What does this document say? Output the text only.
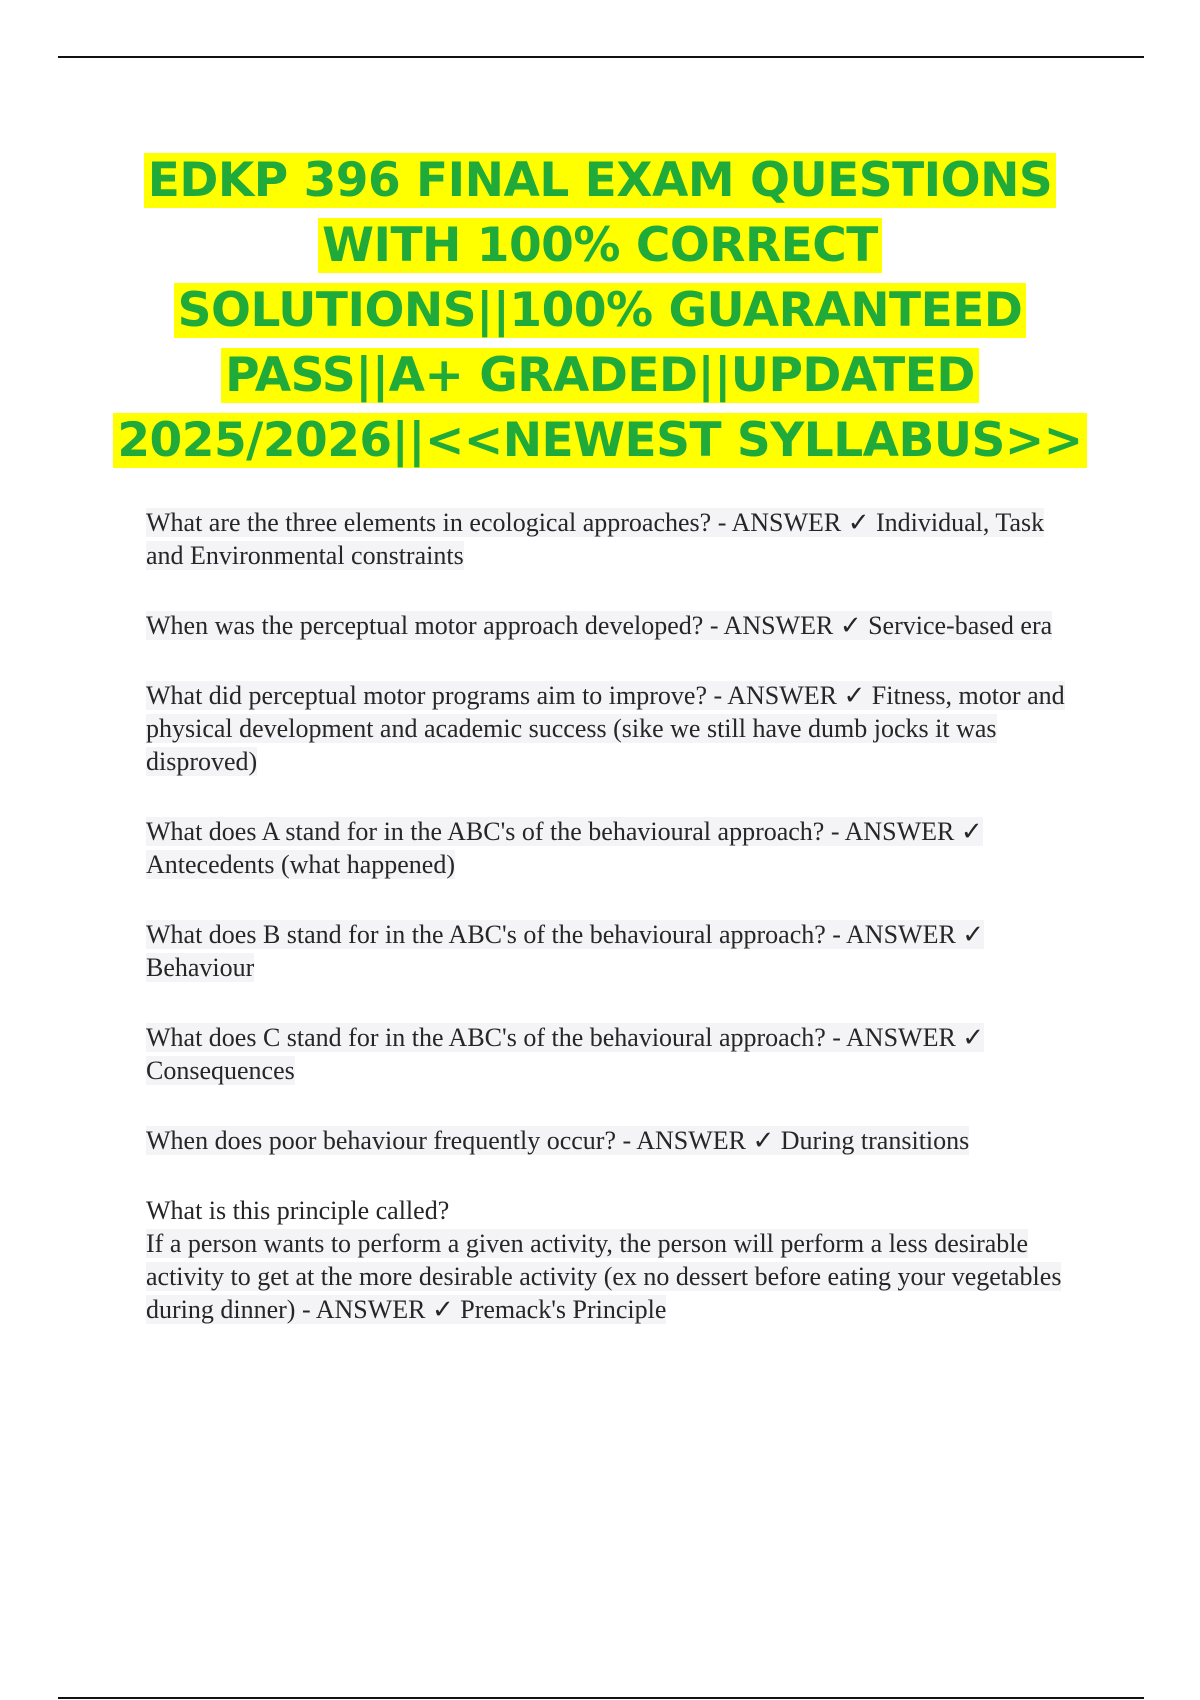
EDKP 396 FINAL EXAM QUESTIONS WITH 100% CORRECT SOLUTIONS||100% GUARANTEED PASS||A+ GRADED||UPDATED 2025/2026||<<NEWEST SYLLABUS>>
What are the three elements in ecological approaches? - ANSWER ✓ Individual, Task and Environmental constraints
When was the perceptual motor approach developed? - ANSWER ✓ Service-based era
What did perceptual motor programs aim to improve? - ANSWER ✓ Fitness, motor and physical development and academic success (sike we still have dumb jocks it was disproved)
What does A stand for in the ABC's of the behavioural approach? - ANSWER ✓ Antecedents (what happened)
What does B stand for in the ABC's of the behavioural approach? - ANSWER ✓ Behaviour
What does C stand for in the ABC's of the behavioural approach? - ANSWER ✓ Consequences
When does poor behaviour frequently occur? - ANSWER ✓ During transitions
What is this principle called?
If a person wants to perform a given activity, the person will perform a less desirable activity to get at the more desirable activity (ex no dessert before eating your vegetables during dinner) - ANSWER ✓ Premack's Principle
